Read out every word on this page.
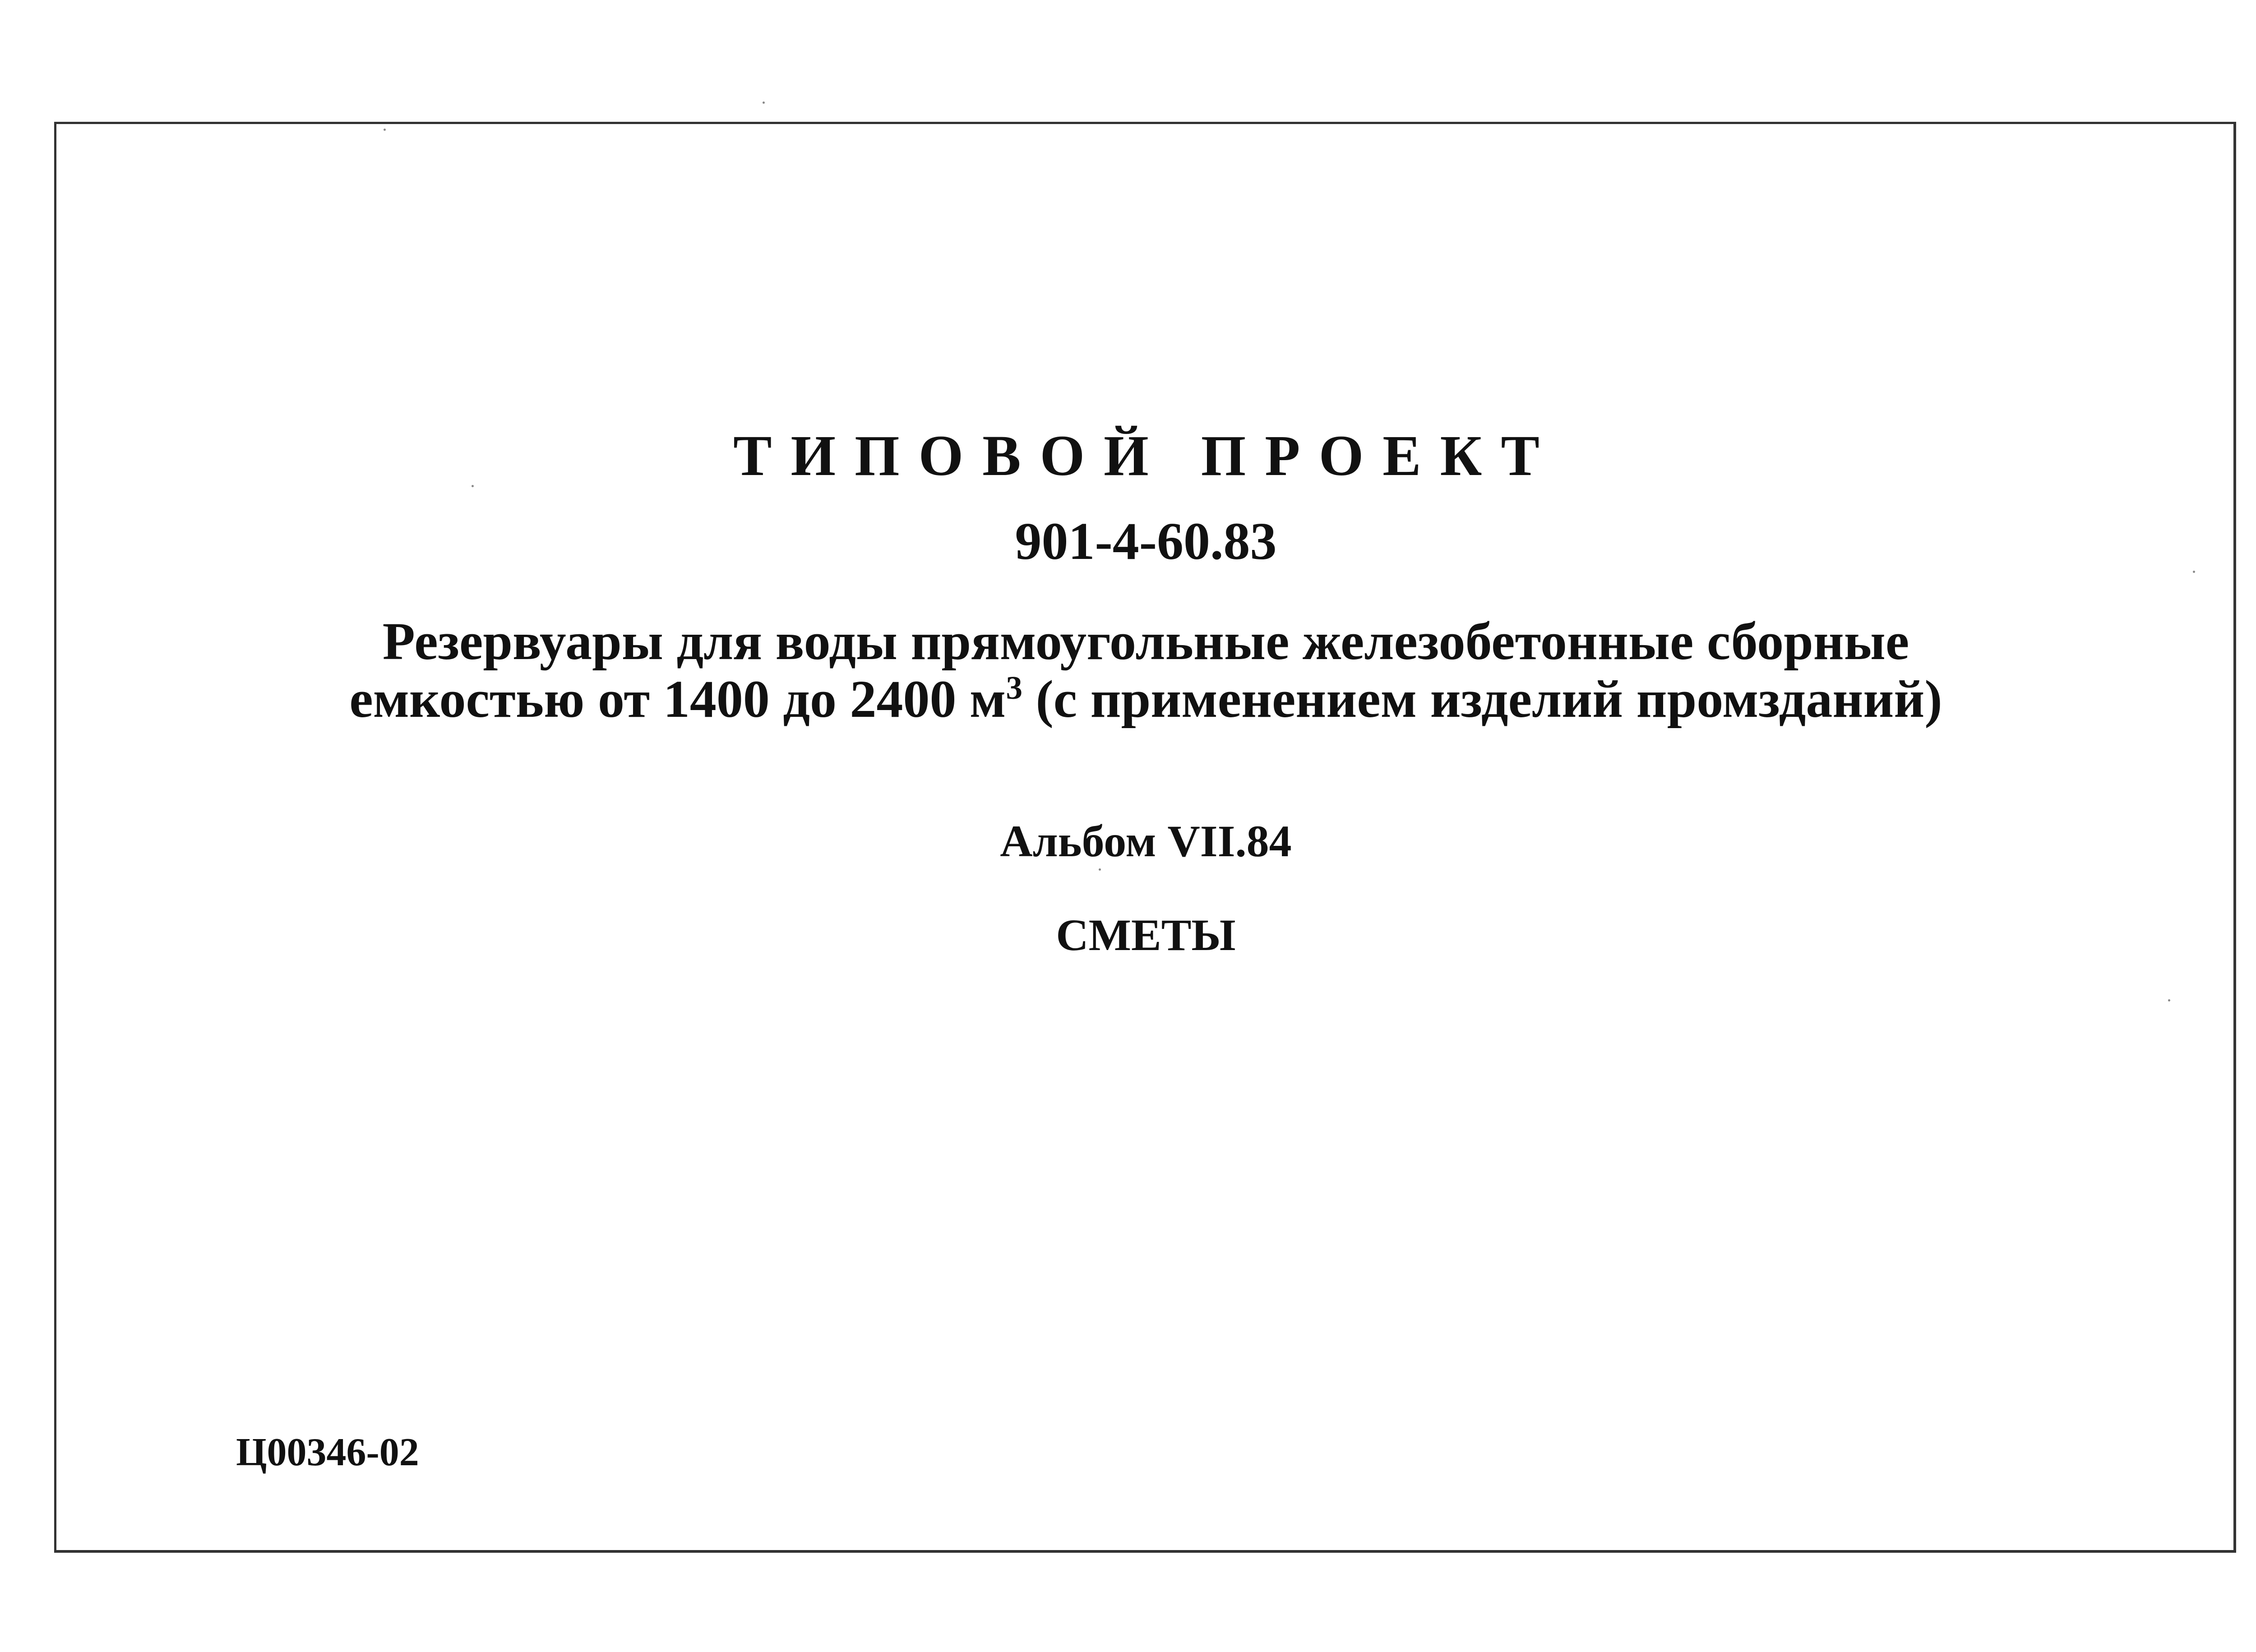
ТИПОВОЙ ПРОЕКТ
901-4-60.83
Резервуары для воды прямоугольные железобетонные сборные
емкостью от 1400 до 2400 $м^3$ (с применением изделий промзданий)
Альбом VII.84
СМЕТЫ
Ц00346-02
